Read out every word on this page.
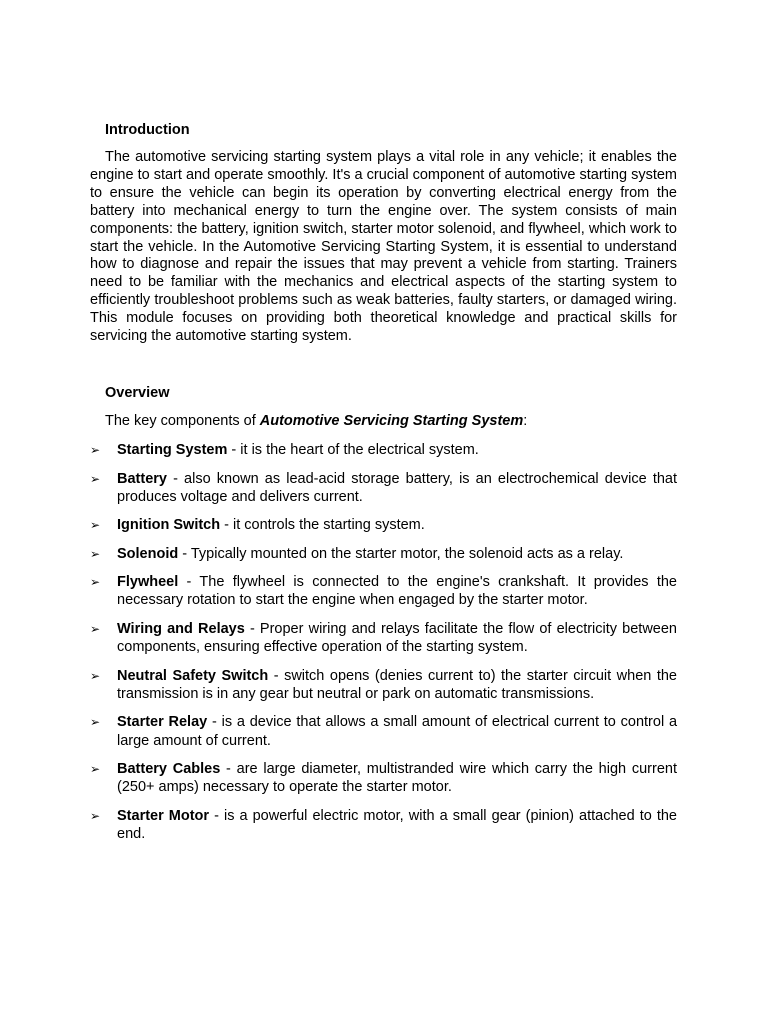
Introduction

The automotive servicing starting system plays a vital role in any vehicle; it enables the engine to start and operate smoothly. It's a crucial component of automotive starting system to ensure the vehicle can begin its operation by converting electrical energy from the battery into mechanical energy to turn the engine over. The system consists of main components: the battery, ignition switch, starter motor solenoid, and flywheel, which work to start the vehicle. In the Automotive Servicing Starting System, it is essential to understand how to diagnose and repair the issues that may prevent a vehicle from starting. Trainers need to be familiar with the mechanics and electrical aspects of the starting system to efficiently troubleshoot problems such as weak batteries, faulty starters, or damaged wiring. This module focuses on providing both theoretical knowledge and practical skills for servicing the automotive starting system.

Overview

The key components of Automotive Servicing Starting System:

➢ Starting System - it is the heart of the electrical system.
➢ Battery - also known as lead-acid storage battery, is an electrochemical device that produces voltage and delivers current.
➢ Ignition Switch - it controls the starting system.
➢ Solenoid - Typically mounted on the starter motor, the solenoid acts as a relay.
➢ Flywheel - The flywheel is connected to the engine's crankshaft. It provides the necessary rotation to start the engine when engaged by the starter motor.
➢ Wiring and Relays - Proper wiring and relays facilitate the flow of electricity between components, ensuring effective operation of the starting system.
➢ Neutral Safety Switch - switch opens (denies current to) the starter circuit when the transmission is in any gear but neutral or park on automatic transmissions.
➢ Starter Relay - is a device that allows a small amount of electrical current to control a large amount of current.
➢ Battery Cables - are large diameter, multistranded wire which carry the high current (250+ amps) necessary to operate the starter motor.
➢ Starter Motor - is a powerful electric motor, with a small gear (pinion) attached to the end.
